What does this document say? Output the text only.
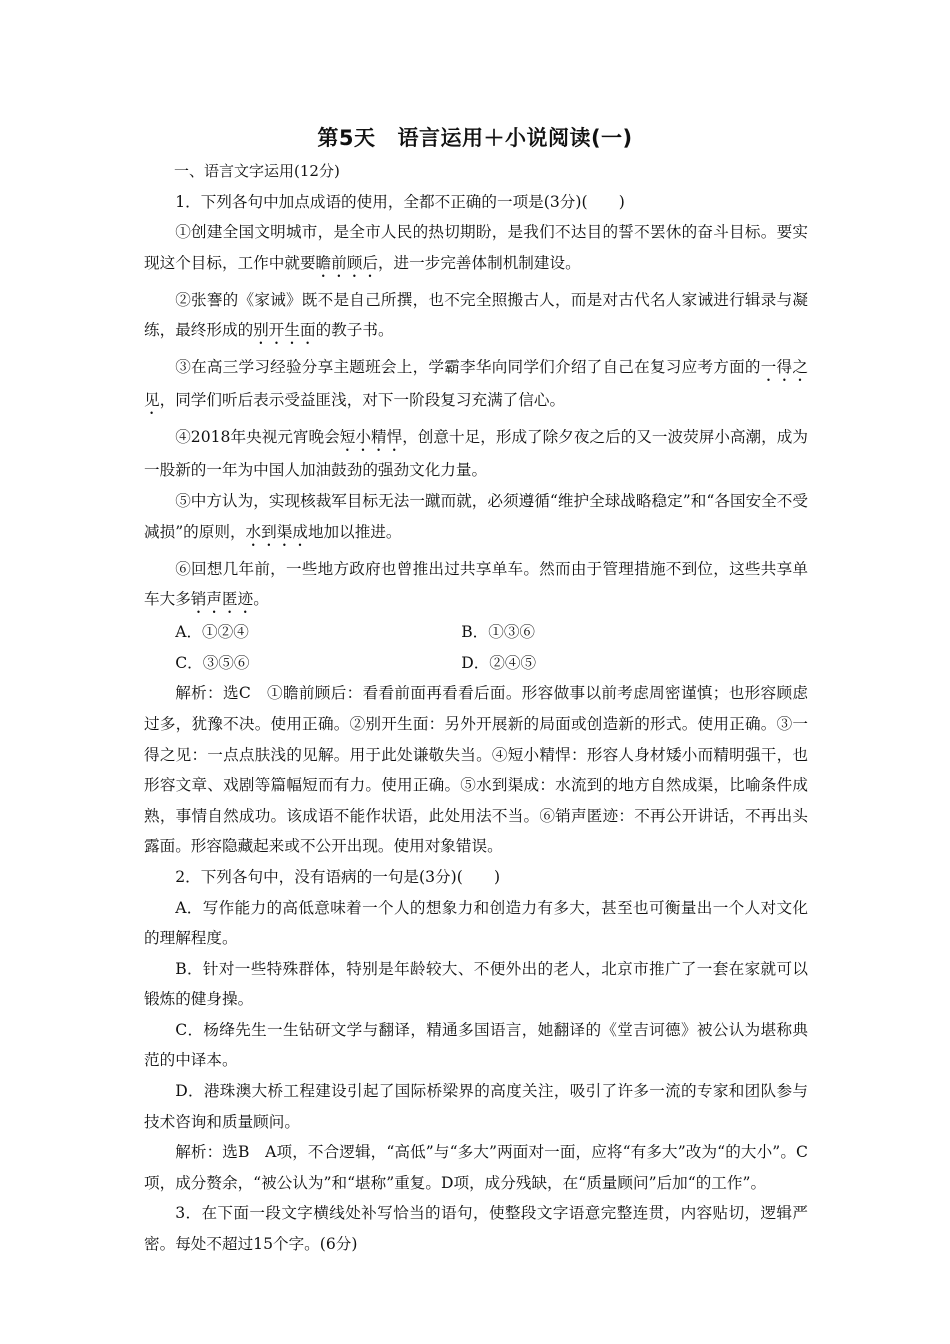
第5天 语言运用＋小说阅读(一)

一、语言文字运用(12分)

1．下列各句中加点成语的使用，全都不正确的一项是(3分)(　　)

①创建全国文明城市，是全市人民的热切期盼，是我们不达目的誓不罢休的奋斗目标。要实现这个目标，工作中就要瞻前顾后，进一步完善体制机制建设。

②张謇的《家诫》既不是自己所撰，也不完全照搬古人，而是对古代名人家诫进行辑录与凝练，最终形成的别开生面的教子书。

③在高三学习经验分享主题班会上，学霸李华向同学们介绍了自己在复习应考方面的一得之见，同学们听后表示受益匪浅，对下一阶段复习充满了信心。

④2018年央视元宵晚会短小精悍，创意十足，形成了除夕夜之后的又一波荧屏小高潮，成为一股新的一年为中国人加油鼓劲的强劲文化力量。

⑤中方认为，实现核裁军目标无法一蹴而就，必须遵循“维护全球战略稳定”和“各国安全不受减损”的原则，水到渠成地加以推进。

⑥回想几年前，一些地方政府也曾推出过共享单车。然而由于管理措施不到位，这些共享单车大多销声匿迹。

A．①②④	B．①③⑥
C．③⑤⑥	D．②④⑤

解析：选C　①瞻前顾后：看看前面再看看后面。形容做事以前考虑周密谨慎；也形容顾虑过多，犹豫不决。使用正确。②别开生面：另外开展新的局面或创造新的形式。使用正确。③一得之见：一点点肤浅的见解。用于此处谦敬失当。④短小精悍：形容人身材矮小而精明强干，也形容文章、戏剧等篇幅短而有力。使用正确。⑤水到渠成：水流到的地方自然成渠，比喻条件成熟，事情自然成功。该成语不能作状语，此处用法不当。⑥销声匿迹：不再公开讲话，不再出头露面。形容隐藏起来或不公开出现。使用对象错误。

2．下列各句中，没有语病的一句是(3分)(　　)

A．写作能力的高低意味着一个人的想象力和创造力有多大，甚至也可衡量出一个人对文化的理解程度。

B．针对一些特殊群体，特别是年龄较大、不便外出的老人，北京市推广了一套在家就可以锻炼的健身操。

C．杨绛先生一生钻研文学与翻译，精通多国语言，她翻译的《堂吉诃德》被公认为堪称典范的中译本。

D．港珠澳大桥工程建设引起了国际桥梁界的高度关注，吸引了许多一流的专家和团队参与技术咨询和质量顾问。

解析：选B　A项，不合逻辑，“高低”与“多大”两面对一面，应将“有多大”改为“的大小”。C项，成分赘余，“被公认为”和“堪称”重复。D项，成分残缺，在“质量顾问”后加“的工作”。

3．在下面一段文字横线处补写恰当的语句，使整段文字语意完整连贯，内容贴切，逻辑严密。每处不超过15个字。(6分)
